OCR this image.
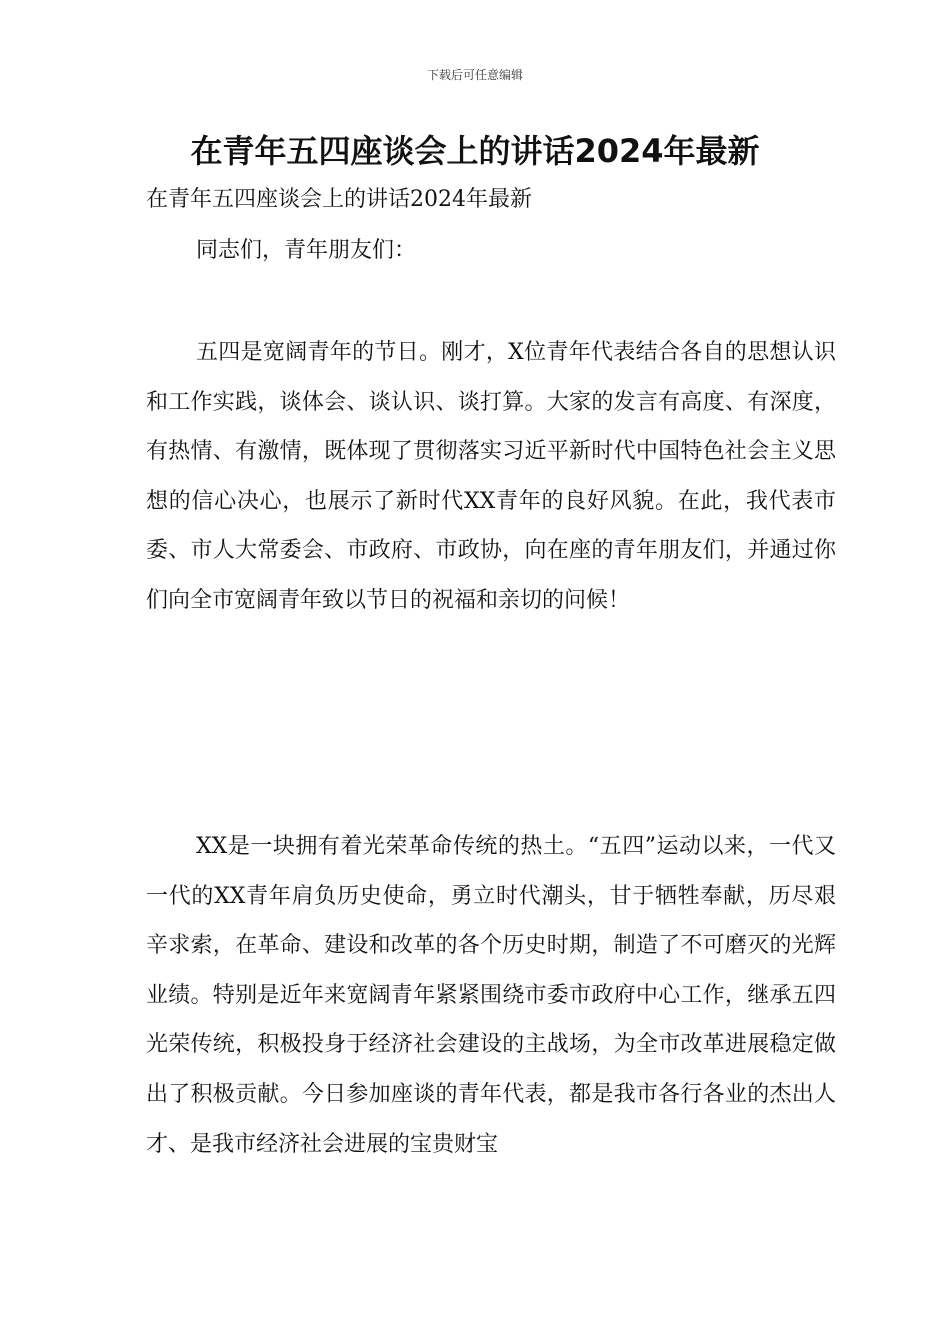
下载后可任意编辑
在青年五四座谈会上的讲话2024年最新

在青年五四座谈会上的讲话2024年最新

同志们，青年朋友们：

五四是宽阔青年的节日。刚才，X位青年代表结合各自的思想认识和工作实践，谈体会、谈认识、谈打算。大家的发言有高度、有深度，有热情、有激情，既体现了贯彻落实习近平新时代中国特色社会主义思想的信心决心，也展示了新时代XX青年的良好风貌。在此，我代表市委、市人大常委会、市政府、市政协，向在座的青年朋友们，并通过你们向全市宽阔青年致以节日的祝福和亲切的问候！

XX是一块拥有着光荣革命传统的热土。“五四”运动以来，一代又一代的XX青年肩负历史使命，勇立时代潮头，甘于牺牲奉献，历尽艰辛求索，在革命、建设和改革的各个历史时期，制造了不可磨灭的光辉业绩。特别是近年来宽阔青年紧紧围绕市委市政府中心工作，继承五四光荣传统，积极投身于经济社会建设的主战场，为全市改革进展稳定做出了积极贡献。今日参加座谈的青年代表，都是我市各行各业的杰出人才、是我市经济社会进展的宝贵财宝
